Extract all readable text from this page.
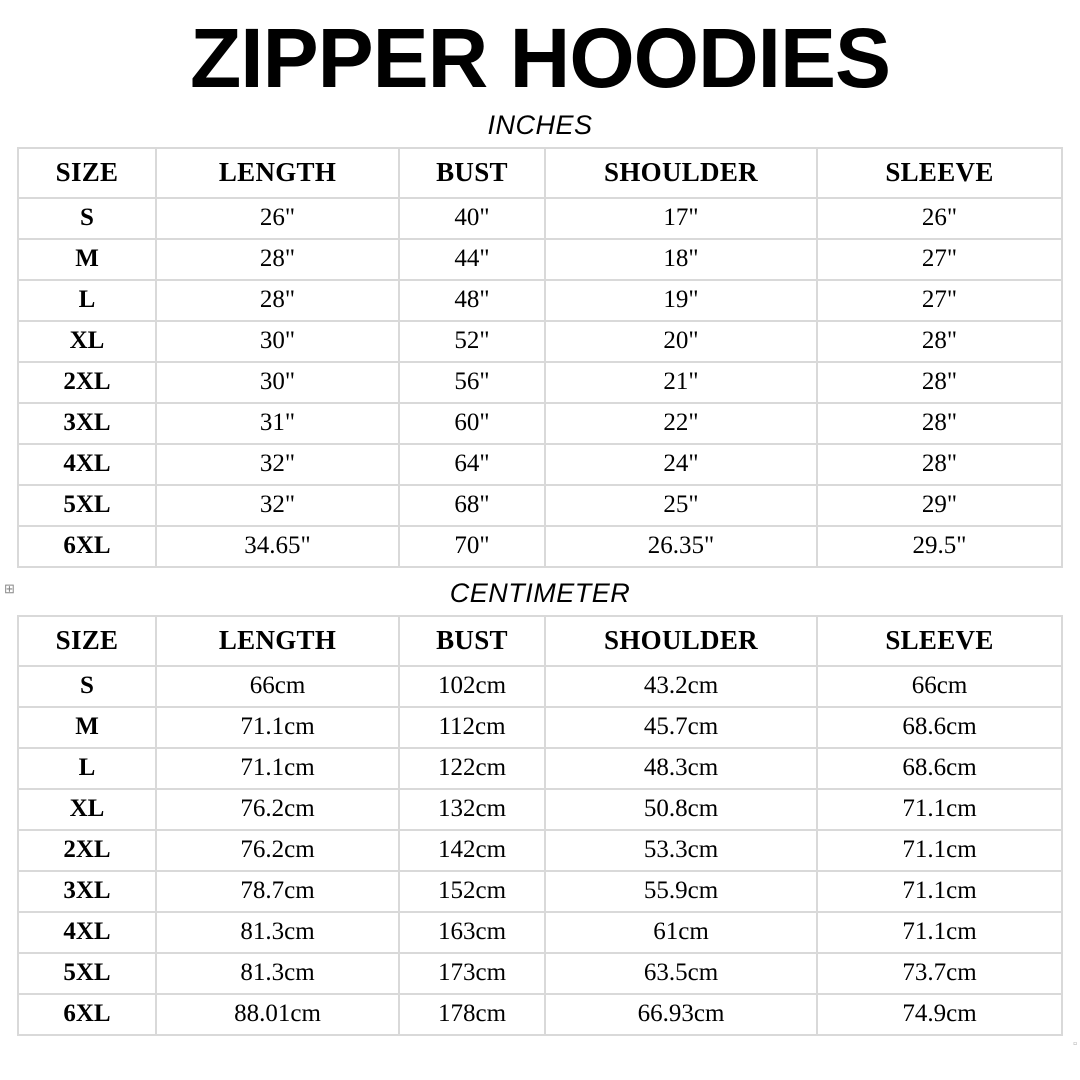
ZIPPER HOODIES
INCHES
SIZE	LENGTH	BUST	SHOULDER	SLEEVE
S	26"	40"	17"	26"
M	28"	44"	18"	27"
L	28"	48"	19"	27"
XL	30"	52"	20"	28"
2XL	30"	56"	21"	28"
3XL	31"	60"	22"	28"
4XL	32"	64"	24"	28"
5XL	32"	68"	25"	29"
6XL	34.65"	70"	26.35"	29.5"
⊞	CENTIMETER
SIZE	LENGTH	BUST	SHOULDER	SLEEVE
S	66cm	102cm	43.2cm	66cm
M	71.1cm	112cm	45.7cm	68.6cm
L	71.1cm	122cm	48.3cm	68.6cm
XL	76.2cm	132cm	50.8cm	71.1cm
2XL	76.2cm	142cm	53.3cm	71.1cm
3XL	78.7cm	152cm	55.9cm	71.1cm
4XL	81.3cm	163cm	61cm	71.1cm
5XL	81.3cm	173cm	63.5cm	73.7cm
6XL	88.01cm	178cm	66.93cm	74.9cm
▫
